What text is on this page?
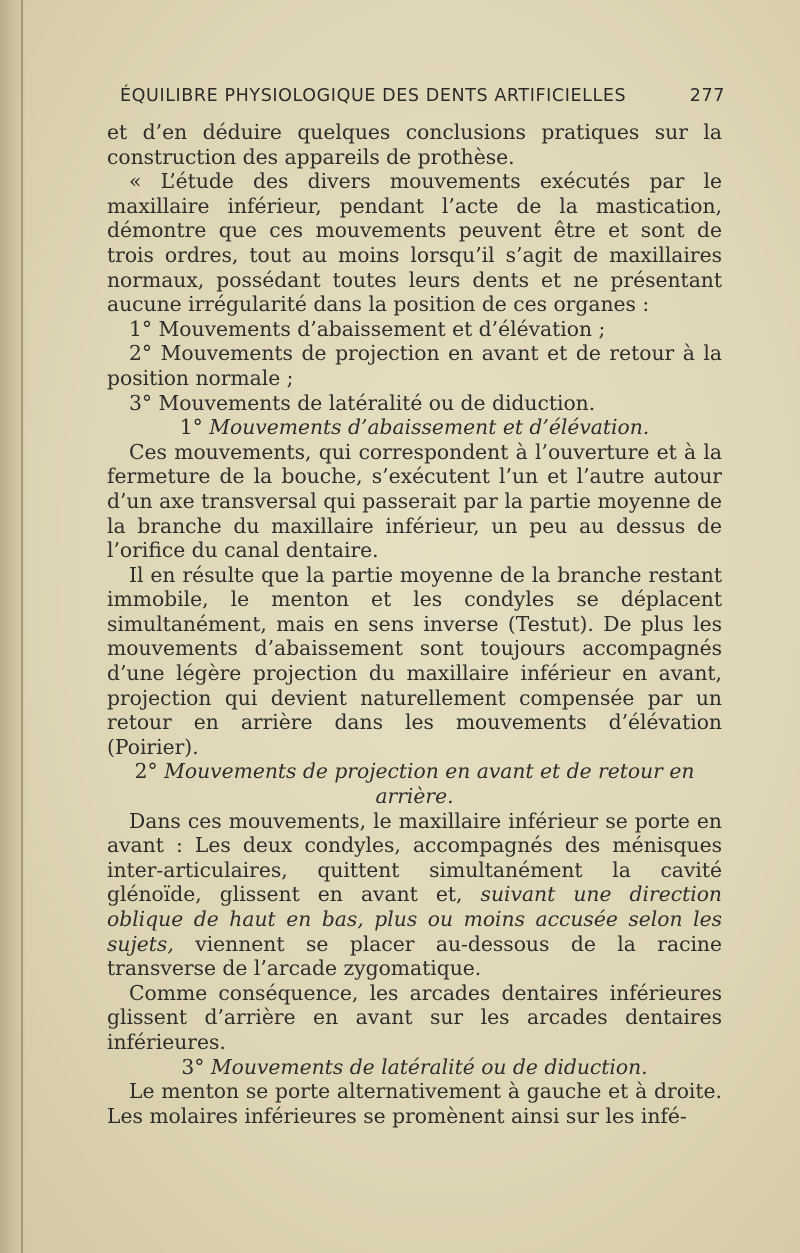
ÉQUILIBRE PHYSIOLOGIQUE DES DENTS ARTIFICIELLES	277

et d’en déduire quelques conclusions pratiques sur la construction des appareils de prothèse.

« L’étude des divers mouvements exécutés par le maxillaire inférieur, pendant l’acte de la mastication, démontre que ces mouvements peuvent être et sont de trois ordres, tout au moins lorsqu’il s’agit de maxillaires normaux, possédant toutes leurs dents et ne présentant aucune irrégularité dans la position de ces organes :

1° Mouvements d’abaissement et d’élévation ;

2° Mouvements de projection en avant et de retour à la position normale ;

3° Mouvements de latéralité ou de diduction.

1° Mouvements d’abaissement et d’élévation.

Ces mouvements, qui correspondent à l’ouverture et à la fermeture de la bouche, s’exécutent l’un et l’autre autour d’un axe transversal qui passerait par la partie moyenne de la branche du maxillaire inférieur, un peu au dessus de l’orifice du canal dentaire.

Il en résulte que la partie moyenne de la branche restant immobile, le menton et les condyles se déplacent simultanément, mais en sens inverse (Testut). De plus les mouvements d’abaissement sont toujours accompagnés d’une légère projection du maxillaire inférieur en avant, projection qui devient naturellement compensée par un retour en arrière dans les mouvements d’élévation (Poirier).

2° Mouvements de projection en avant et de retour en arrière.

Dans ces mouvements, le maxillaire inférieur se porte en avant : Les deux condyles, accompagnés des ménisques inter-articulaires, quittent simultanément la cavité glénoïde, glissent en avant et, suivant une direction oblique de haut en bas, plus ou moins accusée selon les sujets, viennent se placer au-dessous de la racine transverse de l’arcade zygomatique.

Comme conséquence, les arcades dentaires inférieures glissent d’arrière en avant sur les arcades dentaires inférieures.

3° Mouvements de latéralité ou de diduction.

Le menton se porte alternativement à gauche et à droite. Les molaires inférieures se promènent ainsi sur les infé-
